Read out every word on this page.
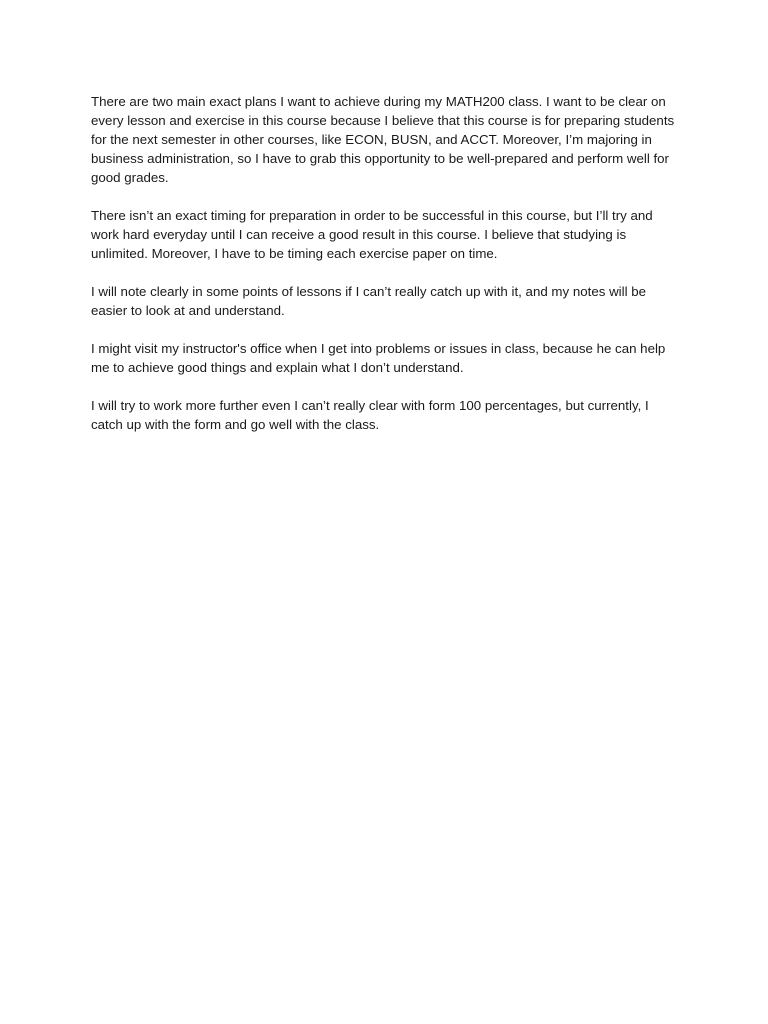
There are two main exact plans I want to achieve during my MATH200 class. I want to be clear on every lesson and exercise in this course because I believe that this course is for preparing students for the next semester in other courses, like ECON, BUSN, and ACCT. Moreover, I’m majoring in business administration, so I have to grab this opportunity to be well-prepared and perform well for good grades.

There isn’t an exact timing for preparation in order to be successful in this course, but I’ll try and work hard everyday until I can receive a good result in this course. I believe that studying is unlimited. Moreover, I have to be timing each exercise paper on time.

I will note clearly in some points of lessons if I can’t really catch up with it, and my notes will be easier to look at and understand.

I might visit my instructor's office when I get into problems or issues in class, because he can help me to achieve good things and explain what I don’t understand.

I will try to work more further even I can’t really clear with form 100 percentages, but currently, I catch up with the form and go well with the class.
